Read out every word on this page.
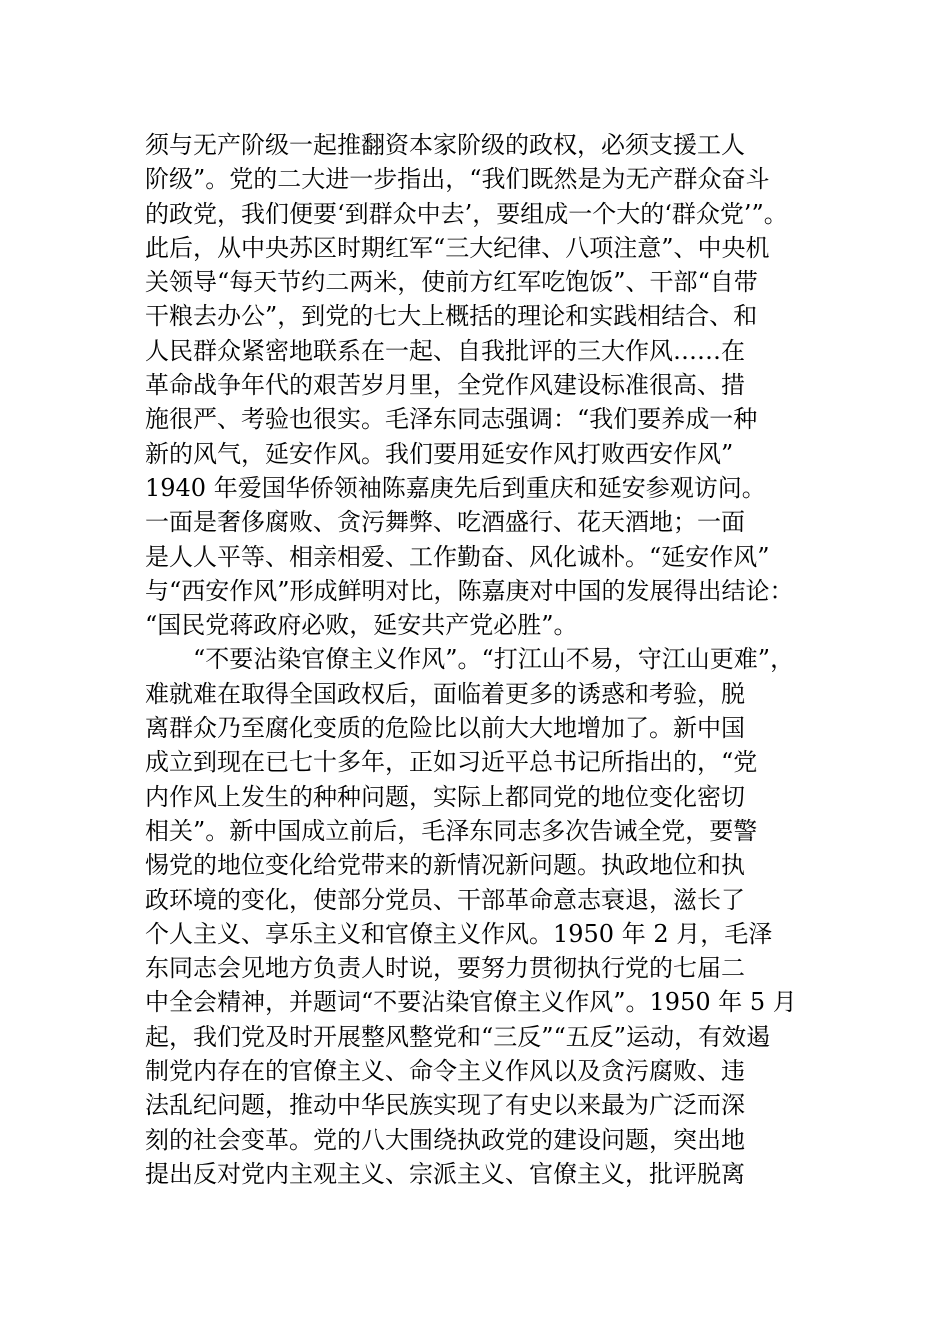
须与无产阶级一起推翻资本家阶级的政权，必须支援工人
阶级”。党的二大进一步指出，“我们既然是为无产群众奋斗
的政党，我们便要‘到群众中去’，要组成一个大的‘群众党’”。
此后，从中央苏区时期红军“三大纪律、八项注意”、中央机
关领导“每天节约二两米，使前方红军吃饱饭”、干部“自带
干粮去办公”，到党的七大上概括的理论和实践相结合、和
人民群众紧密地联系在一起、自我批评的三大作风……在
革命战争年代的艰苦岁月里，全党作风建设标准很高、措
施很严、考验也很实。毛泽东同志强调：“我们要养成一种
新的风气，延安作风。我们要用延安作风打败西安作风”
1940 年爱国华侨领袖陈嘉庚先后到重庆和延安参观访问。
一面是奢侈腐败、贪污舞弊、吃酒盛行、花天酒地；一面
是人人平等、相亲相爱、工作勤奋、风化诚朴。“延安作风”
与“西安作风”形成鲜明对比，陈嘉庚对中国的发展得出结论：
“国民党蒋政府必败，延安共产党必胜”。
“不要沾染官僚主义作风”。“打江山不易，守江山更难”，
难就难在取得全国政权后，面临着更多的诱惑和考验，脱
离群众乃至腐化变质的危险比以前大大地增加了。新中国
成立到现在已七十多年，正如习近平总书记所指出的，“党
内作风上发生的种种问题，实际上都同党的地位变化密切
相关”。新中国成立前后，毛泽东同志多次告诫全党，要警
惕党的地位变化给党带来的新情况新问题。执政地位和执
政环境的变化，使部分党员、干部革命意志衰退，滋长了
个人主义、享乐主义和官僚主义作风。1950 年 2 月，毛泽
东同志会见地方负责人时说，要努力贯彻执行党的七届二
中全会精神，并题词“不要沾染官僚主义作风”。1950 年 5 月
起，我们党及时开展整风整党和“三反”“五反”运动，有效遏
制党内存在的官僚主义、命令主义作风以及贪污腐败、违
法乱纪问题，推动中华民族实现了有史以来最为广泛而深
刻的社会变革。党的八大围绕执政党的建设问题，突出地
提出反对党内主观主义、宗派主义、官僚主义，批评脱离
